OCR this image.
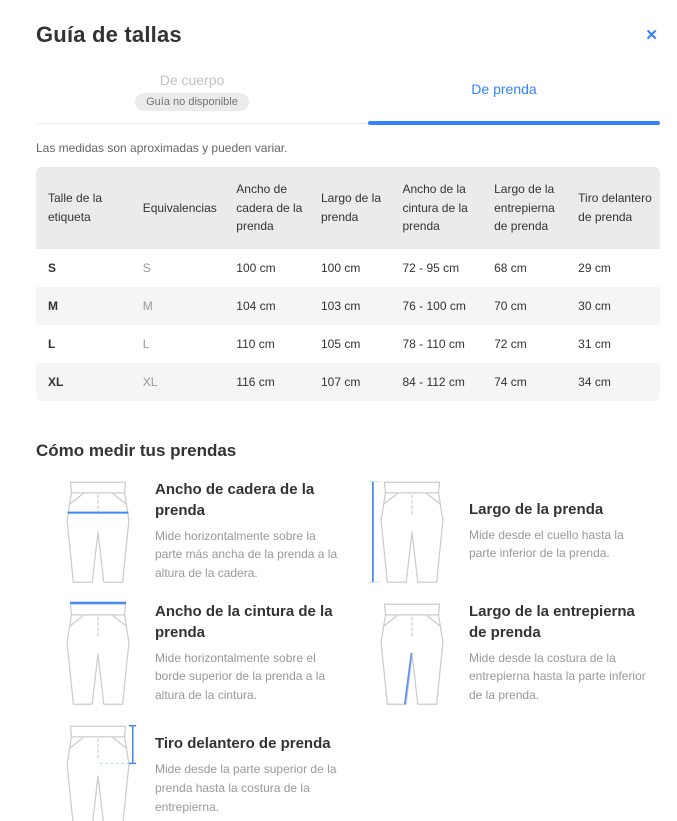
Guía de tallas	✕
De cuerpo
Guía no disponible
De prenda
Las medidas son aproximadas y pueden variar.
Talle de la etiqueta	Equivalencias	Ancho de cadera de la prenda	Largo de la prenda	Ancho de la cintura de la prenda	Largo de la entrepierna de prenda	Tiro delantero de prenda
S	S	100 cm	100 cm	72 - 95 cm	68 cm	29 cm
M	M	104 cm	103 cm	76 - 100 cm	70 cm	30 cm
L	L	110 cm	105 cm	78 - 110 cm	72 cm	31 cm
XL	XL	116 cm	107 cm	84 - 112 cm	74 cm	34 cm
Cómo medir tus prendas
Ancho de cadera de la prenda
Mide horizontalmente sobre la parte más ancha de la prenda a la altura de la cadera.
Largo de la prenda
Mide desde el cuello hasta la parte inferior de la prenda.
Ancho de la cintura de la prenda
Mide horizontalmente sobre el borde superior de la prenda a la altura de la cintura.
Largo de la entrepierna de prenda
Mide desde la costura de la entrepierna hasta la parte inferior de la prenda.
Tiro delantero de prenda
Mide desde la parte superior de la prenda hasta la costura de la entrepierna.
